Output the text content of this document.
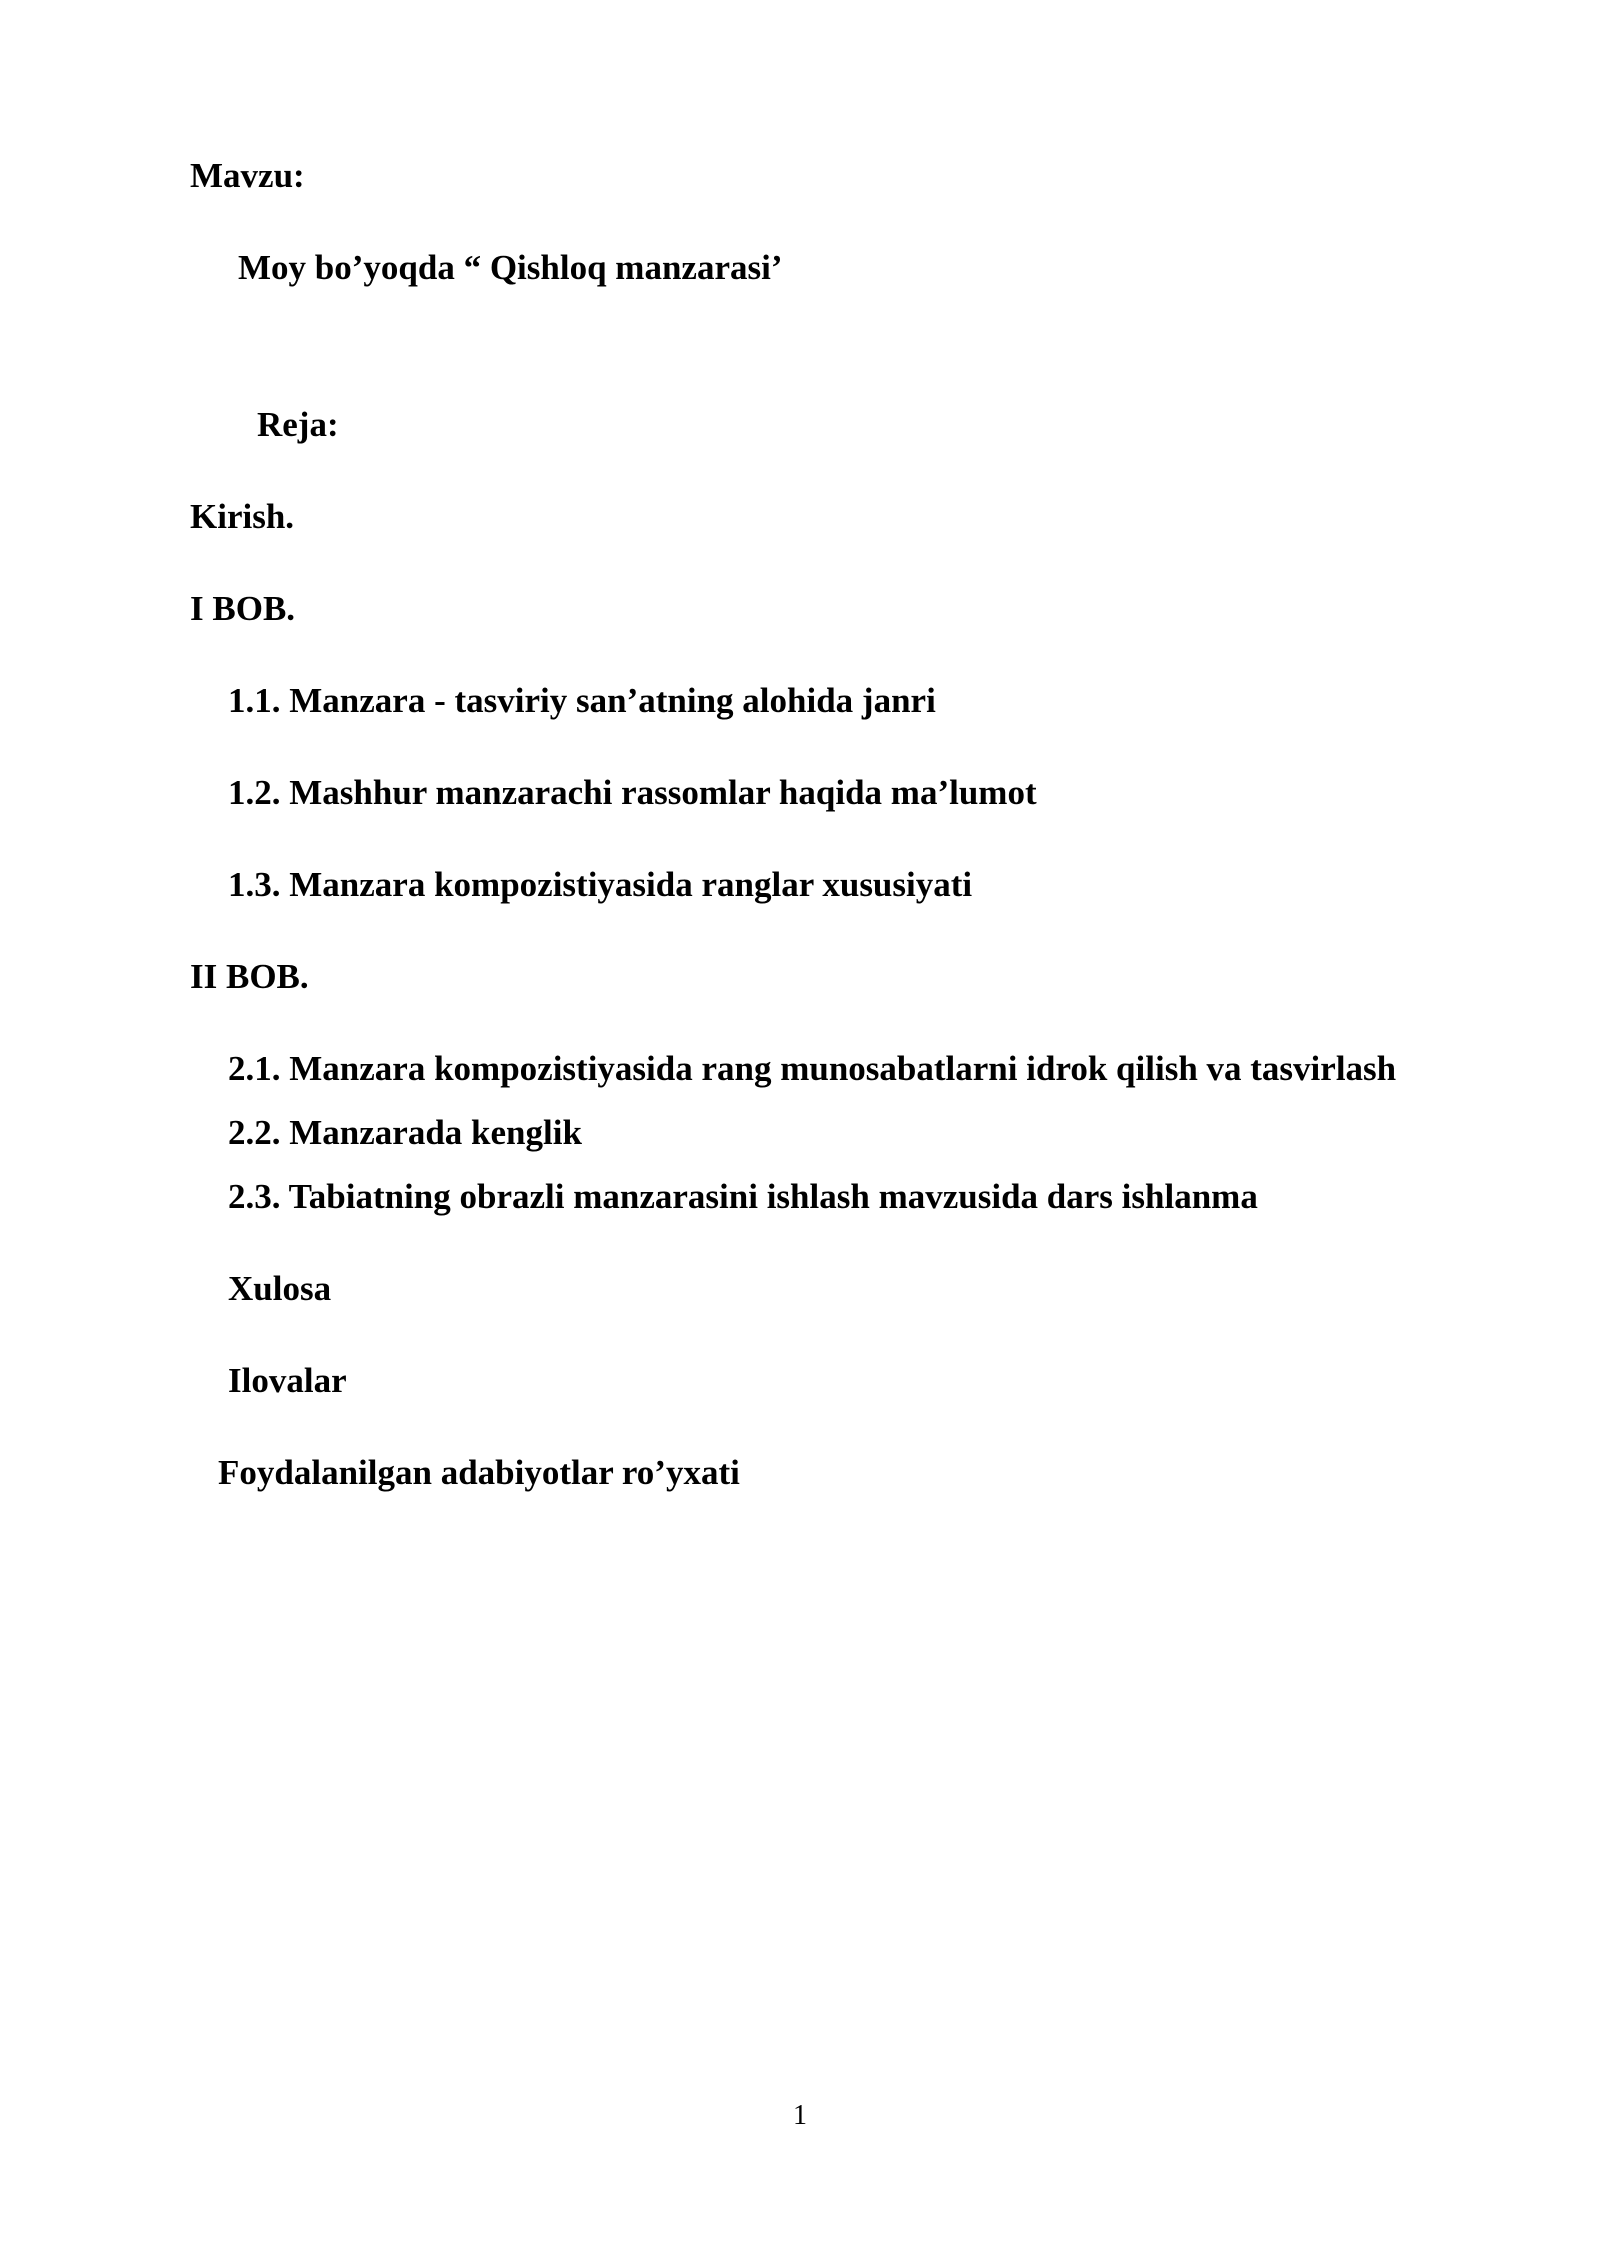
Mavzu:

Moy bo’yoqda “ Qishloq manzarasi’

Reja:

Kirish.

I BOB.

1.1. Manzara - tasviriy san’atning alohida janri

1.2. Mashhur manzarachi rassomlar haqida ma’lumot

1.3. Manzara kompozistiyasida ranglar xususiyati

II BOB.

2.1. Manzara kompozistiyasida rang munosabatlarni idrok qilish va tasvirlash

2.2. Manzarada kenglik

2.3. Tabiatning obrazli manzarasini ishlash mavzusida dars ishlanma

Xulosa

Ilovalar

Foydalanilgan adabiyotlar ro’yxati

1
